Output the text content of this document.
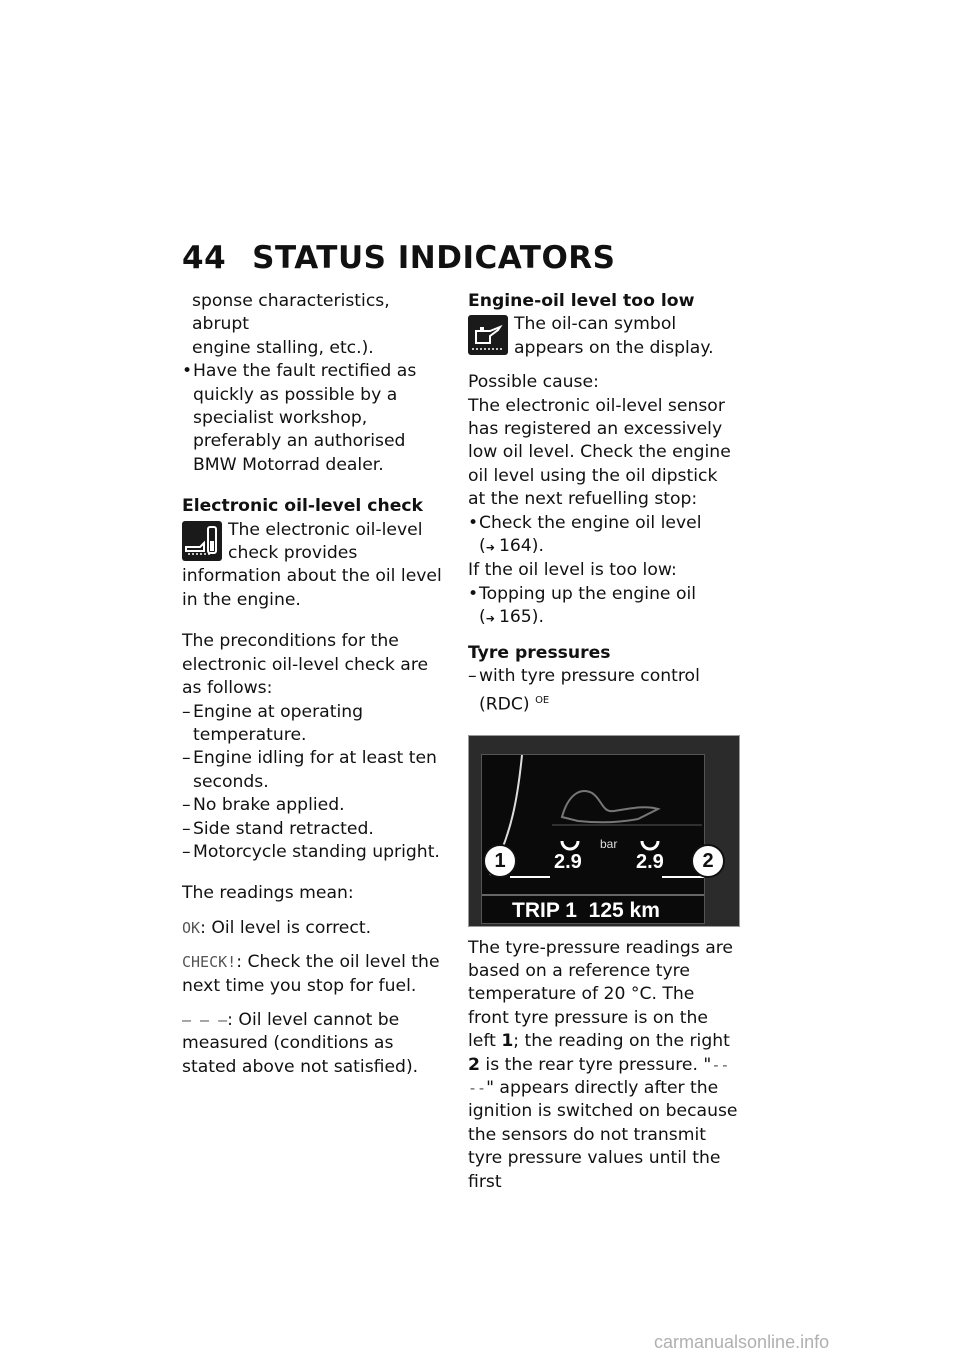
44 STATUS INDICATORS

sponse characteristics, abrupt

engine stalling, etc.).

• Have the fault rectified as quickly as possible by a specialist workshop, preferably an authorised BMW Motorrad dealer.

Electronic oil-level check

The electronic oil-level check provides information about the oil level in the engine.

The preconditions for the electronic oil-level check are as follows:

– Engine at operating temperature.

– Engine idling for at least ten seconds.

– No brake applied.

– Side stand retracted.

– Motorcycle standing upright.

The readings mean:

OK: Oil level is correct.

CHECK!: Check the oil level the next time you stop for fuel.

– – –: Oil level cannot be measured (conditions as stated above not satisfied).

Engine-oil level too low

The oil-can symbol appears on the display.

Possible cause:

The electronic oil-level sensor has registered an excessively low oil level. Check the engine oil level using the oil dipstick at the next refuelling stop:

• Check the engine oil level
( ➜ 164).

If the oil level is too low:

• Topping up the engine oil
( ➜ 165).

Tyre pressures

– with tyre pressure control (RDC) $^{OE}$

bar
2.9	2.9
TRIP 1  125 km
1	2

The tyre-pressure readings are based on a reference tyre temperature of 20 °C. The front tyre pressure is on the left 1; the reading on the right 2 is the rear tyre pressure. "-- --" appears directly after the ignition is switched on because the sensors do not transmit tyre pressure values until the first

carmanualsonline.info
